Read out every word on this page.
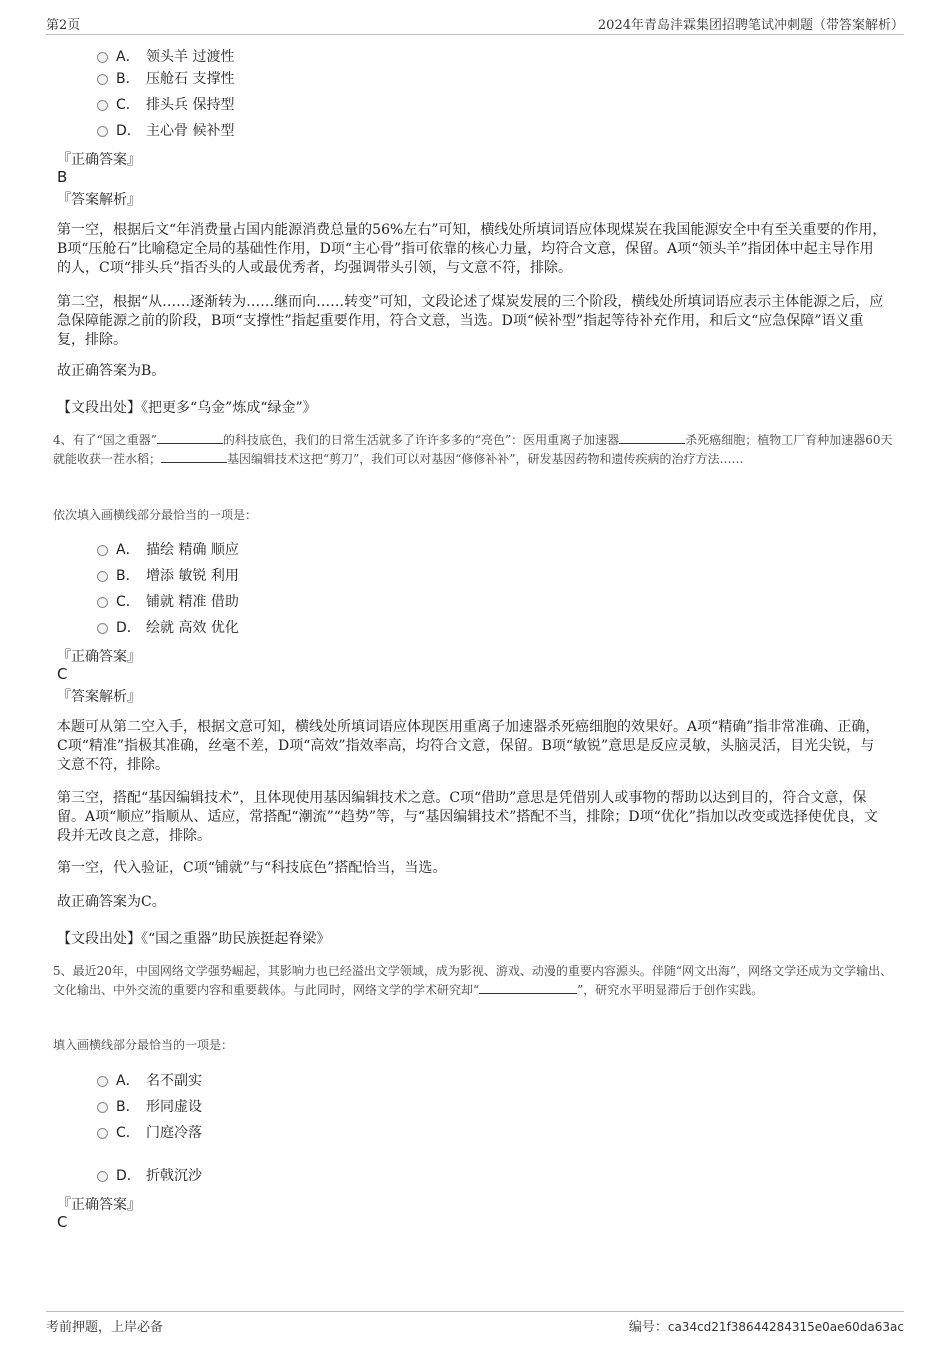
第2页	2024年青岛沣霖集团招聘笔试冲刺题（带答案解析）
A． 领头羊 过渡性
B． 压舱石 支撑性
C． 排头兵 保持型
D． 主心骨 候补型
『正确答案』
B
『答案解析』
第一空，根据后文“年消费量占国内能源消费总量的56%左右”可知，横线处所填词语应体现煤炭在我国能源安全中有至关重要的作用，B项“压舱石”比喻稳定全局的基础性作用，D项“主心骨”指可依靠的核心力量，均符合文意，保留。A项“领头羊”指团体中起主导作用的人，C项“排头兵”指否头的人或最优秀者，均强调带头引领，与文意不符，排除。
第二空，根据“从……逐渐转为……继而向……转变”可知，文段论述了煤炭发展的三个阶段，横线处所填词语应表示主体能源之后，应急保障能源之前的阶段，B项“支撑性”指起重要作用，符合文意，当选。D项“候补型”指起等待补充作用，和后文“应急保障”语义重复，排除。
故正确答案为B。
【文段出处】《把更多“乌金”炼成“绿金”》
4、有了“国之重器”	的科技底色，我们的日常生活就多了许许多多的“亮色”：医用重离子加速器	杀死癌细胞；植物工厂育种加速器60天就能收获一茬水稻；	基因编辑技术这把“剪刀”，我们可以对基因“修修补补”，研发基因药物和遗传疾病的治疗方法……
依次填入画横线部分最恰当的一项是：
A． 描绘 精确 顺应
B． 增添 敏锐 利用
C． 铺就 精准 借助
D． 绘就 高效 优化
『正确答案』
C
『答案解析』
本题可从第二空入手，根据文意可知，横线处所填词语应体现医用重离子加速器杀死癌细胞的效果好。A项“精确”指非常准确、正确，C项“精准”指极其准确，丝毫不差，D项“高效”指效率高，均符合文意，保留。B项“敏锐”意思是反应灵敏，头脑灵活，目光尖锐，与文意不符，排除。
第三空，搭配“基因编辑技术”，且体现使用基因编辑技术之意。C项“借助”意思是凭借别人或事物的帮助以达到目的，符合文意，保留。A项“顺应”指顺从、适应，常搭配“潮流”“趋势”等，与“基因编辑技术”搭配不当，排除；D项“优化”指加以改变或选择使优良，文段并无改良之意，排除。
第一空，代入验证，C项“铺就”与“科技底色”搭配恰当，当选。
故正确答案为C。
【文段出处】《“国之重器”助民族挺起脊梁》
5、最近20年，中国网络文学强势崛起，其影响力也已经溢出文学领域，成为影视、游戏、动漫的重要内容源头。伴随“网文出海”，网络文学还成为文学输出、文化输出、中外交流的重要内容和重要载体。与此同时，网络文学的学术研究却“	”，研究水平明显滞后于创作实践。
填入画横线部分最恰当的一项是：
A． 名不副实
B． 形同虚设
C． 门庭冷落
D． 折戟沉沙
『正确答案』
C
考前押题，上岸必备	编号：ca34cd21f38644284315e0ae60da63ac
